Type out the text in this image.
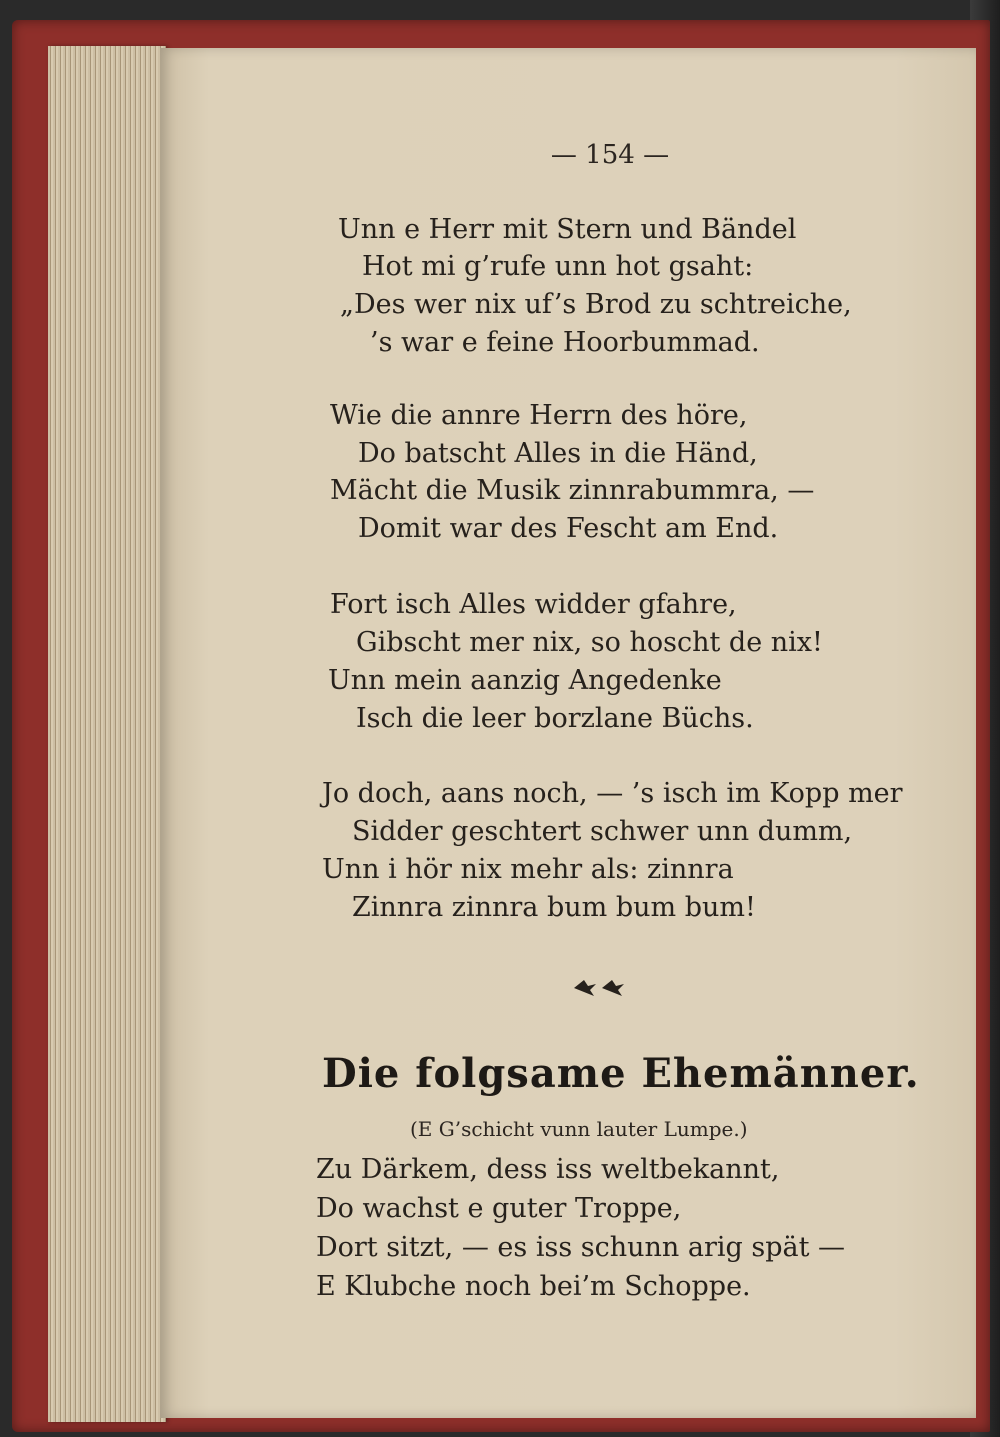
— 154 —
Unn e Herr mit Stern und Bändel
Hot mi g’rufe unn hot gsaht:
„Des wer nix uf’s Brod zu schtreiche,
’s war e feine Hoorbummad.
Wie die annre Herrn des höre,
Do batscht Alles in die Händ,
Mächt die Musik zinnrabummra, —
Domit war des Fescht am End.
Fort isch Alles widder gfahre,
Gibscht mer nix, so hoscht de nix!
Unn mein aanzig Angedenke
Isch die leer borzlane Büchs.
Jo doch, aans noch, — ’s isch im Kopp mer
Sidder geschtert schwer unn dumm,
Unn i hör nix mehr als: zinnra
Zinnra zinnra bum bum bum!
Die folgsame Ehemänner.
(E G’schicht vunn lauter Lumpe.)
Zu Därkem, dess iss weltbekannt,
Do wachst e guter Troppe,
Dort sitzt, — es iss schunn arig spät —
E Klubche noch bei’m Schoppe.
